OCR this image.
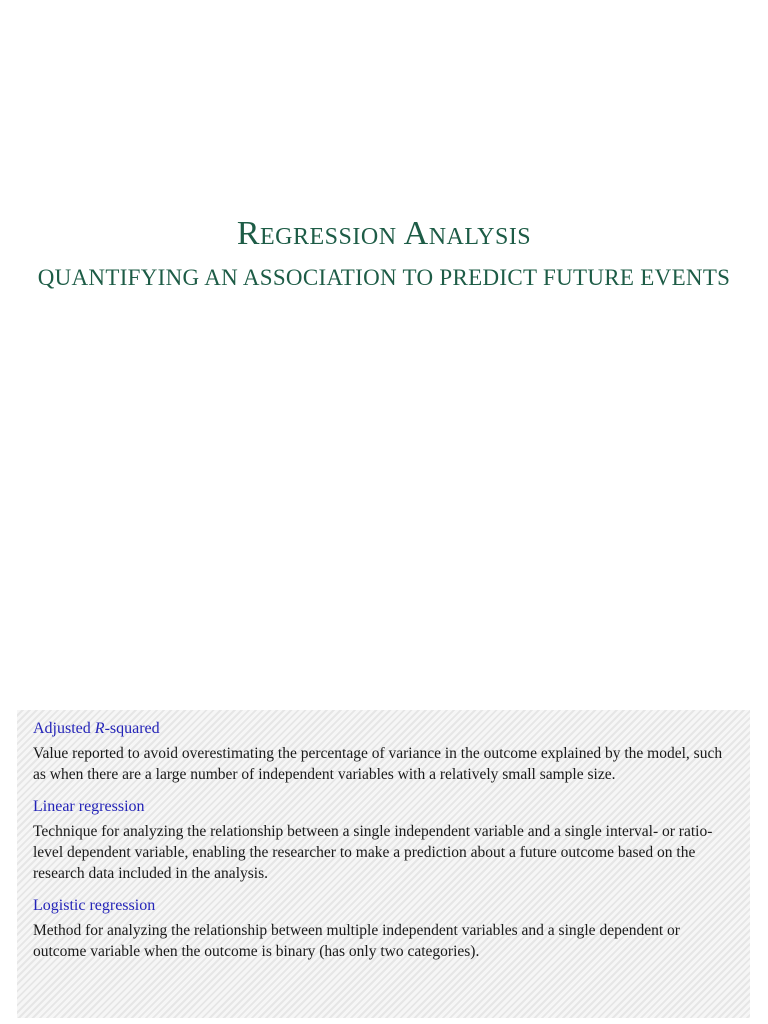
Regression Analysis
QUANTIFYING AN ASSOCIATION TO PREDICT FUTURE EVENTS
Adjusted R-squared

Value reported to avoid overestimating the percentage of variance in the outcome explained by the model, such as when there are a large number of independent variables with a relatively small sample size.

Linear regression

Technique for analyzing the relationship between a single independent variable and a single interval- or ratio-level dependent variable, enabling the researcher to make a prediction about a future outcome based on the research data included in the analysis.

Logistic regression

Method for analyzing the relationship between multiple independent variables and a single dependent or outcome variable when the outcome is binary (has only two categories).
